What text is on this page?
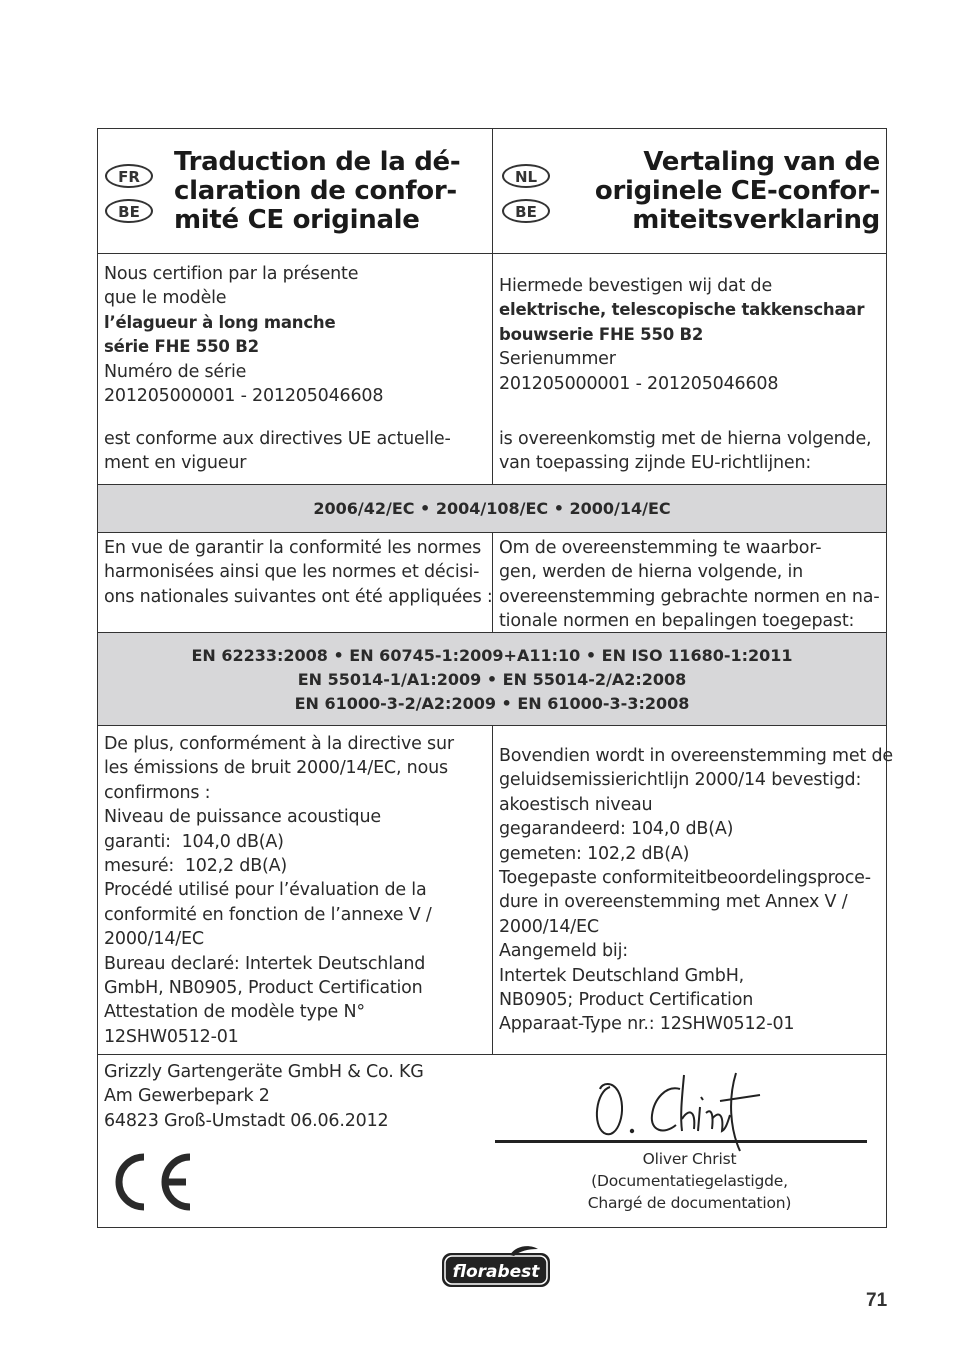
FR
BE
Traduction de la dé-
claration de confor-
mité CE originale
NL
BE
Vertaling van de
originele CE-confor-
miteitsverklaring
Nous certifion par la présente
que le modèle
l’élagueur à long manche
série FHE 550 B2
Numéro de série
201205000001 - 201205046608
est conforme aux directives UE actuelle-
ment en vigueur
Hiermede bevestigen wij dat de
elektrische, telescopische takkenschaar
bouwserie FHE 550 B2
Serienummer
201205000001 - 201205046608
is overeenkomstig met de hierna volgende,
van toepassing zijnde EU-richtlijnen:
2006/42/EC • 2004/108/EC • 2000/14/EC
En vue de garantir la conformité les normes
harmonisées ainsi que les normes et décisi-
ons nationales suivantes ont été appliquées :
Om de overeenstemming te waarbor-
gen, werden de hierna volgende, in
overeenstemming gebrachte normen en na-
tionale normen en bepalingen toegepast:
EN 62233:2008 • EN 60745-1:2009+A11:10 • EN ISO 11680-1:2011
EN 55014-1/A1:2009 • EN 55014-2/A2:2008
EN 61000-3-2/A2:2009 • EN 61000-3-3:2008
De plus, conformément à la directive sur
les émissions de bruit 2000/14/EC, nous
confirmons :
Niveau de puissance acoustique
garanti:  104,0 dB(A)
mesuré:  102,2 dB(A)
Procédé utilisé pour l’évaluation de la
conformité en fonction de l’annexe V /
2000/14/EC
Bureau declaré: Intertek Deutschland
GmbH, NB0905, Product Certification
Attestation de modèle type N°
12SHW0512-01
Bovendien wordt in overeenstemming met de
geluidsemissierichtlijn 2000/14 bevestigd:
akoestisch niveau
gegarandeerd: 104,0 dB(A)
gemeten: 102,2 dB(A)
Toegepaste conformiteitbeoordelingsproce-
dure in overeenstemming met Annex V /
2000/14/EC
Aangemeld bij:
Intertek Deutschland GmbH,
NB0905; Product Certification
Apparaat-Type nr.: 12SHW0512-01
Grizzly Gartengeräte GmbH & Co. KG
Am Gewerbepark 2
64823 Groß-Umstadt 06.06.2012
Oliver Christ
(Documentatiegelastigde,
Chargé de documentation)
florabest
71
